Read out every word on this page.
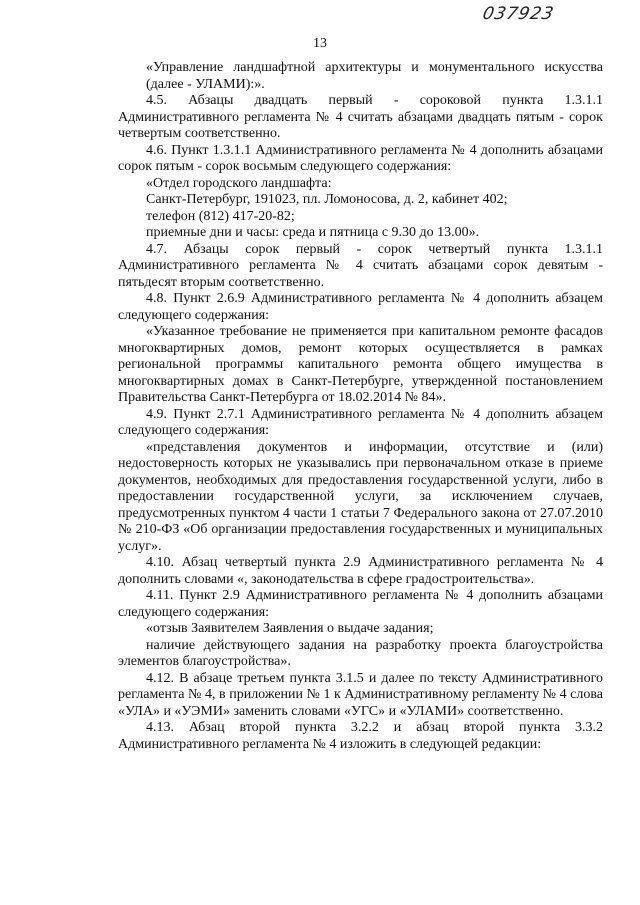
037923
13

«Управление ландшафтной архитектуры и монументального искусства (далее - УЛАМИ):».

4.5. Абзацы двадцать первый - сороковой пункта 1.3.1.1 Административного регламента № 4 считать абзацами двадцать пятым - сорок четвертым соответственно.

4.6. Пункт 1.3.1.1 Административного регламента № 4 дополнить абзацами сорок пятым - сорок восьмым следующего содержания:

«Отдел городского ландшафта:

Санкт-Петербург, 191023, пл. Ломоносова, д. 2, кабинет 402;

телефон (812) 417-20-82;

приемные дни и часы: среда и пятница с 9.30 до 13.00».

4.7. Абзацы сорок первый - сорок четвертый пункта 1.3.1.1 Административного регламента № 4 считать абзацами сорок девятым - пятьдесят вторым соответственно.

4.8. Пункт 2.6.9 Административного регламента № 4 дополнить абзацем следующего содержания:

«Указанное требование не применяется при капитальном ремонте фасадов многоквартирных домов, ремонт которых осуществляется в рамках региональной программы капитального ремонта общего имущества в многоквартирных домах в Санкт-Петербурге, утвержденной постановлением Правительства Санкт-Петербурга от 18.02.2014 № 84».

4.9. Пункт 2.7.1 Административного регламента № 4 дополнить абзацем следующего содержания:

«представления документов и информации, отсутствие и (или) недостоверность которых не указывались при первоначальном отказе в приеме документов, необходимых для предоставления государственной услуги, либо в предоставлении государственной услуги, за исключением случаев, предусмотренных пунктом 4 части 1 статьи 7 Федерального закона от 27.07.2010 № 210-ФЗ «Об организации предоставления государственных и муниципальных услуг».

4.10. Абзац четвертый пункта 2.9 Административного регламента № 4 дополнить словами «, законодательства в сфере градостроительства».

4.11. Пункт 2.9 Административного регламента № 4 дополнить абзацами следующего содержания:

«отзыв Заявителем Заявления о выдаче задания;

наличие действующего задания на разработку проекта благоустройства элементов благоустройства».

4.12. В абзаце третьем пункта 3.1.5 и далее по тексту Административного регламента № 4, в приложении № 1 к Административному регламенту № 4 слова «УЛА» и «УЭМИ» заменить словами «УГС» и «УЛАМИ» соответственно.

4.13. Абзац второй пункта 3.2.2 и абзац второй пункта 3.3.2 Административного регламента № 4 изложить в следующей редакции:
